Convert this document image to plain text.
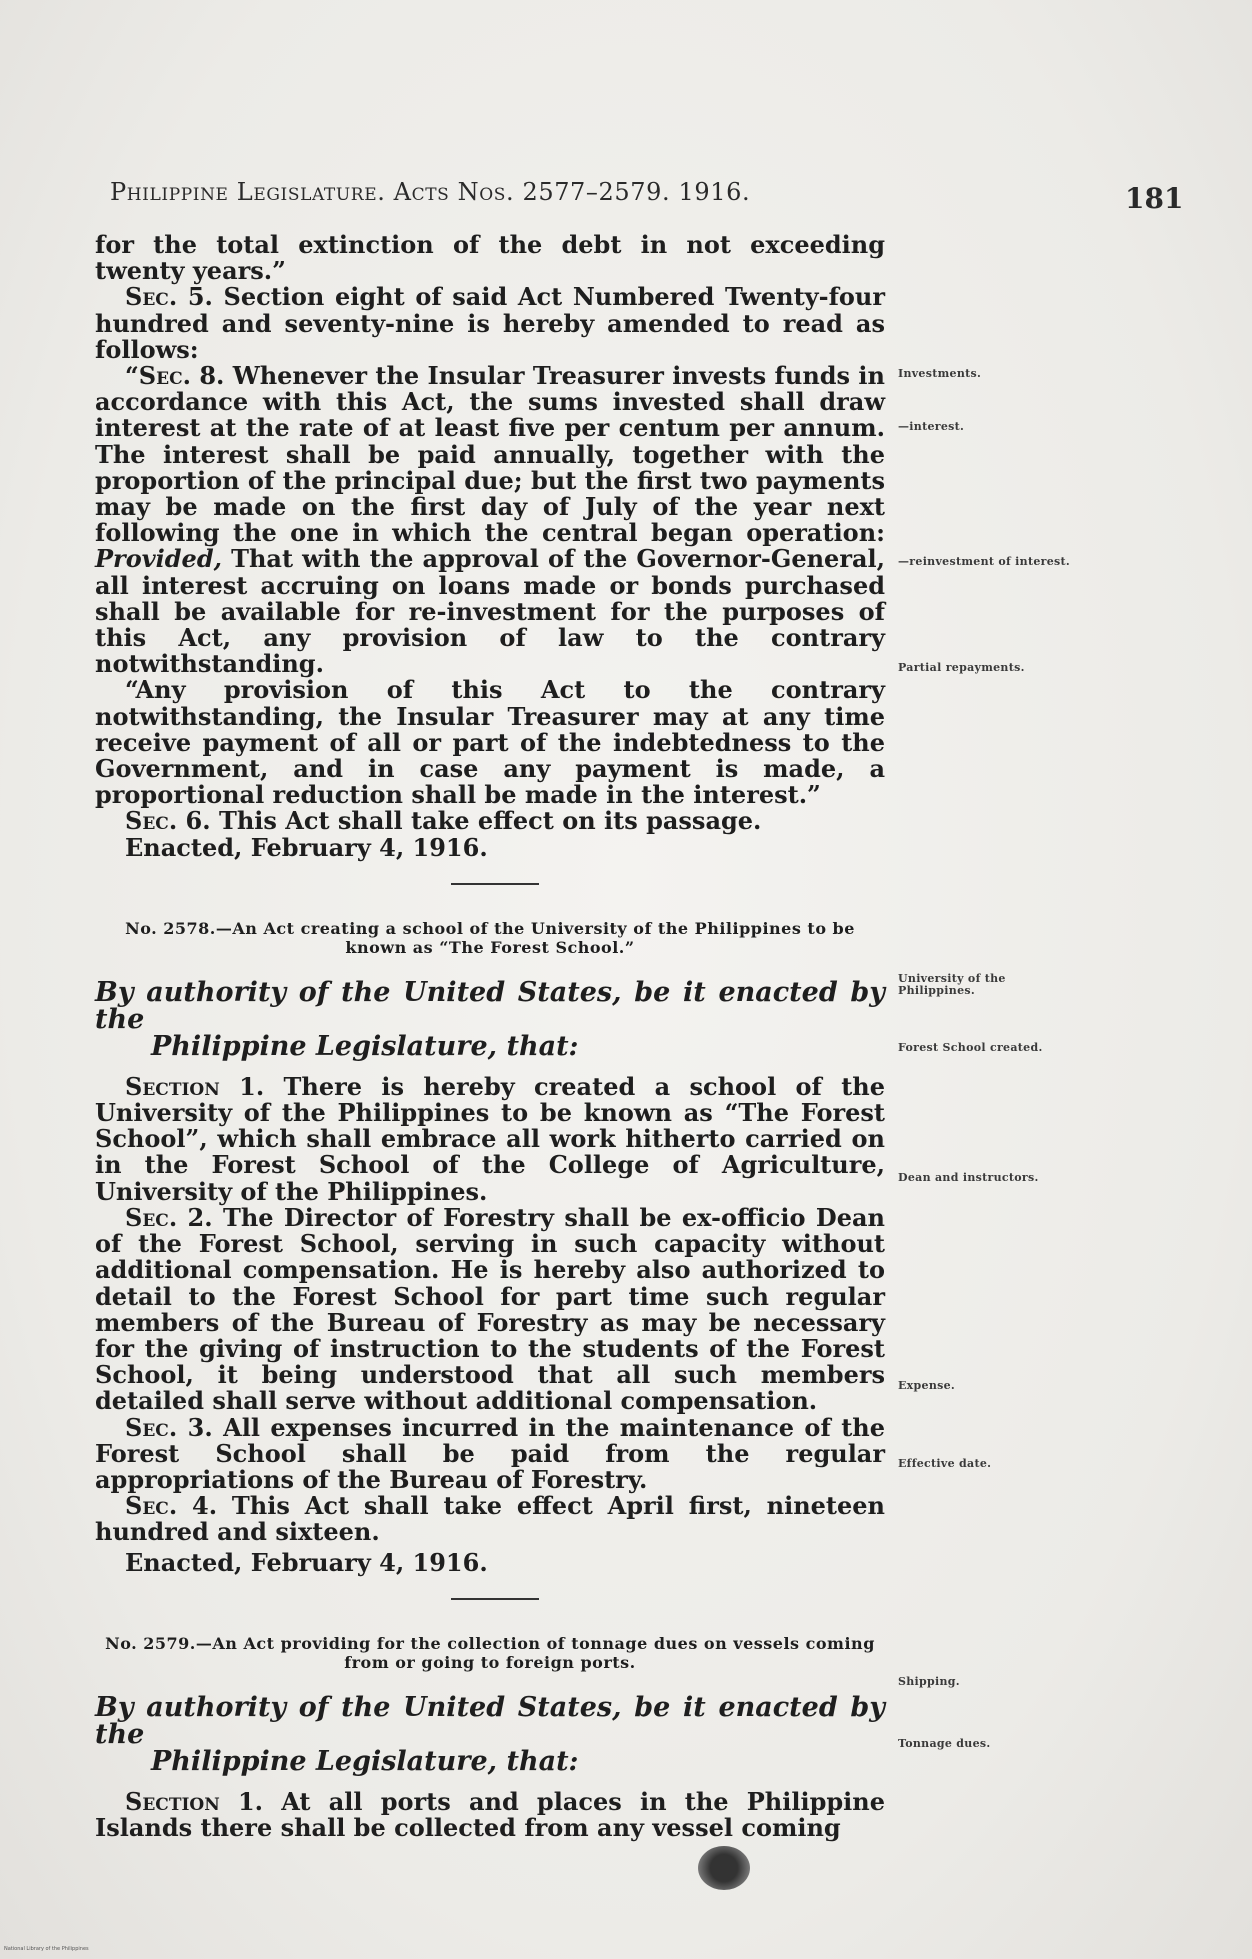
Philippine Legislature. Acts Nos. 2577–2579. 1916.	181

for the total extinction of the debt in not exceeding twenty years.”

Sec. 5. Section eight of said Act Numbered Twenty-four hundred and seventy-nine is hereby amended to read as follows:

“Sec. 8. Whenever the Insular Treasurer invests funds in accordance with this Act, the sums invested shall draw interest at the rate of at least five per centum per annum. The interest shall be paid annually, together with the proportion of the principal due; but the first two payments may be made on the first day of July of the year next following the one in which the central began operation: Provided, That with the approval of the Governor-General, all interest accruing on loans made or bonds purchased shall be available for re-investment for the purposes of this Act, any provision of law to the contrary notwithstanding.

“Any provision of this Act to the contrary notwithstanding, the Insular Treasurer may at any time receive payment of all or part of the indebtedness to the Government, and in case any payment is made, a proportional reduction shall be made in the interest.”

Sec. 6. This Act shall take effect on its passage.

Enacted, February 4, 1916.

No. 2578.—An Act creating a school of the University of the Philippines to be known as “The Forest School.”

By authority of the United States, be it enacted by the
Philippine Legislature, that:

Section 1. There is hereby created a school of the University of the Philippines to be known as “The Forest School”, which shall embrace all work hitherto carried on in the Forest School of the College of Agriculture, University of the Philippines.

Sec. 2. The Director of Forestry shall be ex-officio Dean of the Forest School, serving in such capacity without additional compensation. He is hereby also authorized to detail to the Forest School for part time such regular members of the Bureau of Forestry as may be necessary for the giving of instruction to the students of the Forest School, it being understood that all such members detailed shall serve without additional compensation.

Sec. 3. All expenses incurred in the maintenance of the Forest School shall be paid from the regular appropriations of the Bureau of Forestry.

Sec. 4. This Act shall take effect April first, nineteen hundred and sixteen.

Enacted, February 4, 1916.

No. 2579.—An Act providing for the collection of tonnage dues on vessels coming from or going to foreign ports.

By authority of the United States, be it enacted by the
Philippine Legislature, that:

Section 1. At all ports and places in the Philippine Islands there shall be collected from any vessel coming

Investments.
—interest.
—reinvestment of interest.
Partial repayments.
University of the Philippines.
Forest School created.
Dean and instructors.
Expense.
Effective date.
Shipping.
Tonnage dues.
National Library of the Philippines
